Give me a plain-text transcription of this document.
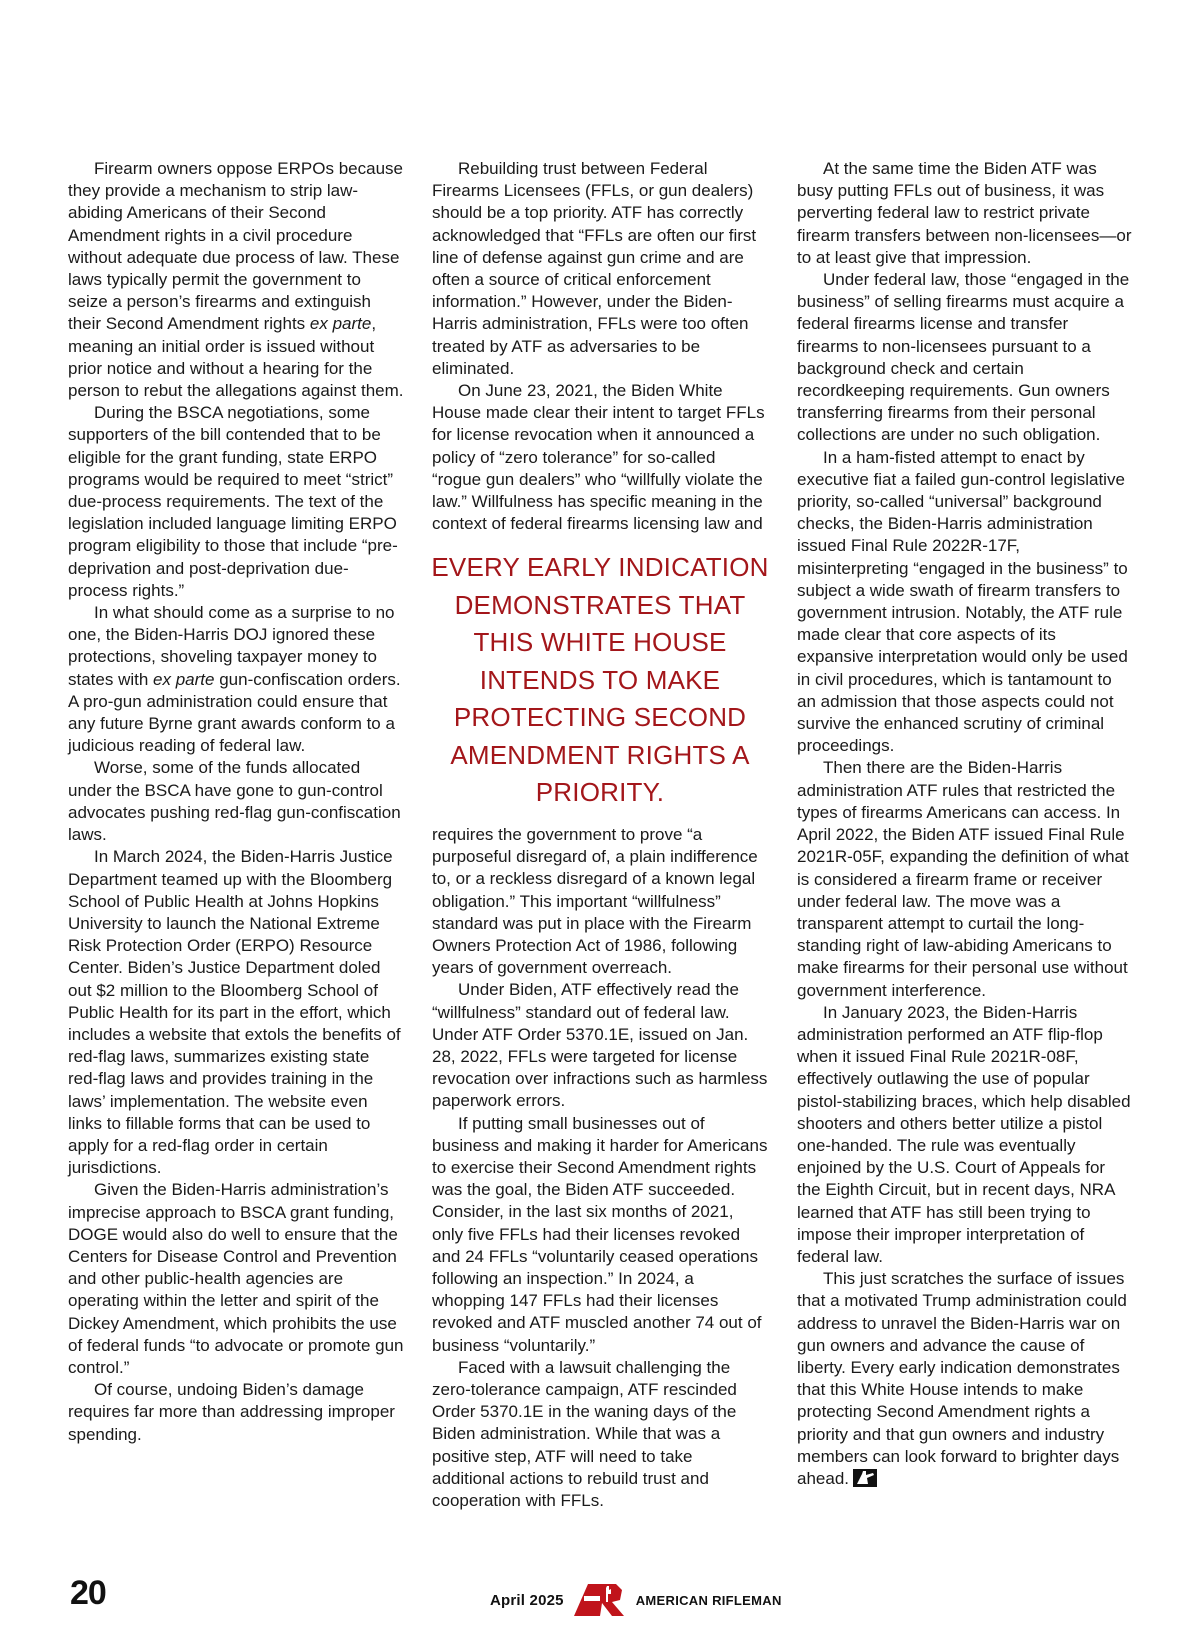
Firearm owners oppose ERPOs because they provide a mechanism to strip law-abiding Americans of their Second Amendment rights in a civil procedure without adequate due process of law. These laws typically permit the government to seize a person’s firearms and extinguish their Second Amendment rights ex parte, meaning an initial order is issued without prior notice and without a hearing for the person to rebut the allegations against them.

During the BSCA negotiations, some supporters of the bill contended that to be eligible for the grant funding, state ERPO programs would be required to meet “strict” due-process requirements. The text of the legislation included language limiting ERPO program eligibility to those that include “pre-deprivation and post-deprivation due-process rights.”

In what should come as a surprise to no one, the Biden-Harris DOJ ignored these protections, shoveling taxpayer money to states with ex parte gun-confiscation orders. A pro-gun administration could ensure that any future Byrne grant awards conform to a judicious reading of federal law.

Worse, some of the funds allocated under the BSCA have gone to gun-control advocates pushing red-flag gun-confiscation laws.

In March 2024, the Biden-Harris Justice Department teamed up with the Bloomberg School of Public Health at Johns Hopkins University to launch the National Extreme Risk Protection Order (ERPO) Resource Center. Biden’s Justice Department doled out $2 million to the Bloomberg School of Public Health for its part in the effort, which includes a website that extols the benefits of red-flag laws, summarizes existing state red-flag laws and provides training in the laws’ implementation. The website even links to fillable forms that can be used to apply for a red-flag order in certain jurisdictions.

Given the Biden-Harris administration’s imprecise approach to BSCA grant funding, DOGE would also do well to ensure that the Centers for Disease Control and Prevention and other public-health agencies are operating within the letter and spirit of the Dickey Amendment, which prohibits the use of federal funds “to advocate or promote gun control.”

Of course, undoing Biden’s damage requires far more than addressing improper spending.

Rebuilding trust between Federal Firearms Licensees (FFLs, or gun dealers) should be a top priority. ATF has correctly acknowledged that “FFLs are often our first line of defense against gun crime and are often a source of critical enforcement information.” However, under the Biden-Harris administration, FFLs were too often treated by ATF as adversaries to be eliminated.

On June 23, 2021, the Biden White House made clear their intent to target FFLs for license revocation when it announced a policy of “zero tolerance” for so-called “rogue gun dealers” who “willfully violate the law.” Willfulness has specific meaning in the context of federal firearms licensing law and

EVERY EARLY INDICATION DEMONSTRATES THAT THIS WHITE HOUSE INTENDS TO MAKE PROTECTING SECOND AMENDMENT RIGHTS A PRIORITY.

requires the government to prove “a purposeful disregard of, a plain indifference to, or a reckless disregard of a known legal obligation.” This important “willfulness” standard was put in place with the Firearm Owners Protection Act of 1986, following years of government overreach.

Under Biden, ATF effectively read the “willfulness” standard out of federal law. Under ATF Order 5370.1E, issued on Jan. 28, 2022, FFLs were targeted for license revocation over infractions such as harmless paperwork errors.

If putting small businesses out of business and making it harder for Americans to exercise their Second Amendment rights was the goal, the Biden ATF succeeded. Consider, in the last six months of 2021, only five FFLs had their licenses revoked and 24 FFLs “voluntarily ceased operations following an inspection.” In 2024, a whopping 147 FFLs had their licenses revoked and ATF muscled another 74 out of business “voluntarily.”

Faced with a lawsuit challenging the zero-tolerance campaign, ATF rescinded Order 5370.1E in the waning days of the Biden administration. While that was a positive step, ATF will need to take additional actions to rebuild trust and cooperation with FFLs.

At the same time the Biden ATF was busy putting FFLs out of business, it was perverting federal law to restrict private firearm transfers between non-licensees—or to at least give that impression.

Under federal law, those “engaged in the business” of selling firearms must acquire a federal firearms license and transfer firearms to non-licensees pursuant to a background check and certain recordkeeping requirements. Gun owners transferring firearms from their personal collections are under no such obligation.

In a ham-fisted attempt to enact by executive fiat a failed gun-control legislative priority, so-called “universal” background checks, the Biden-Harris administration issued Final Rule 2022R-17F, misinterpreting “engaged in the business” to subject a wide swath of firearm transfers to government intrusion. Notably, the ATF rule made clear that core aspects of its expansive interpretation would only be used in civil procedures, which is tantamount to an admission that those aspects could not survive the enhanced scrutiny of criminal proceedings.

Then there are the Biden-Harris administration ATF rules that restricted the types of firearms Americans can access. In April 2022, the Biden ATF issued Final Rule 2021R-05F, expanding the definition of what is considered a firearm frame or receiver under federal law. The move was a transparent attempt to curtail the long-standing right of law-abiding Americans to make firearms for their personal use without government interference.

In January 2023, the Biden-Harris administration performed an ATF flip-flop when it issued Final Rule 2021R-08F, effectively outlawing the use of popular pistol-stabilizing braces, which help disabled shooters and others better utilize a pistol one-handed. The rule was eventually enjoined by the U.S. Court of Appeals for the Eighth Circuit, but in recent days, NRA learned that ATF has still been trying to impose their improper interpretation of federal law.

This just scratches the surface of issues that a motivated Trump administration could address to unravel the Biden-Harris war on gun owners and advance the cause of liberty. Every early indication demonstrates that this White House intends to make protecting Second Amendment rights a priority and that gun owners and industry members can look forward to brighter days ahead.

20	April 2025	AMERICAN RIFLEMAN
